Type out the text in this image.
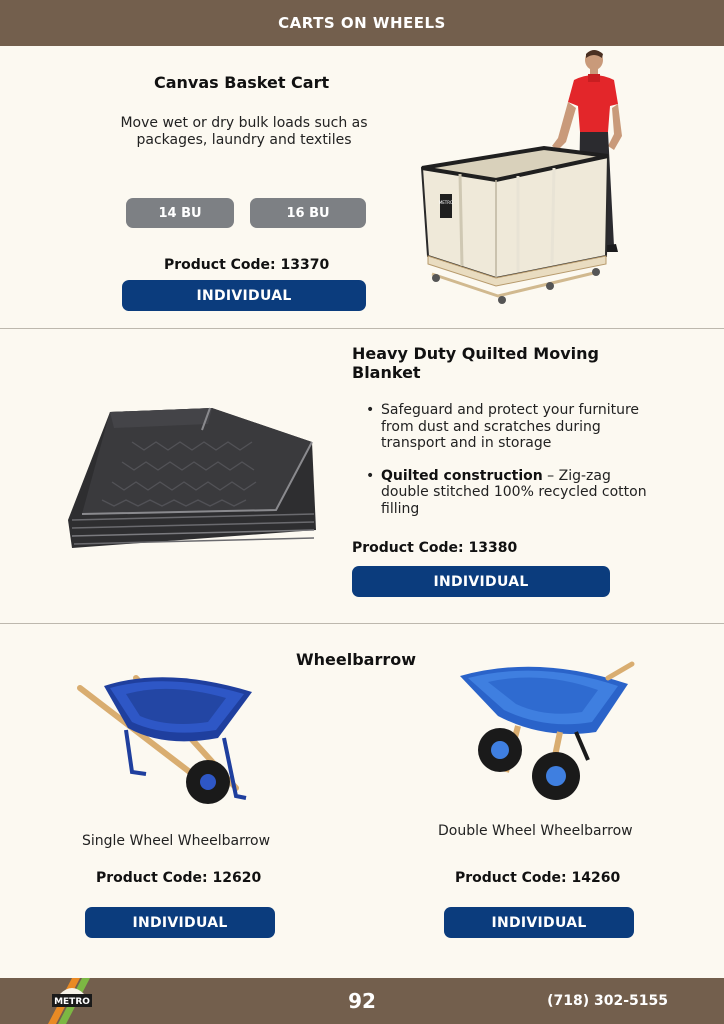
CARTS ON WHEELS
Canvas Basket Cart
Move wet or dry bulk loads such as packages, laundry and textiles
14 BU	16 BU
Product Code: 13370
INDIVIDUAL
METRO
Heavy Duty Quilted Moving Blanket
• Safeguard and protect your furniture from dust and scratches during transport and in storage
• Quilted construction – Zig-zag double stitched 100% recycled cotton filling
Product Code: 13380
INDIVIDUAL
Wheelbarrow
Single Wheel Wheelbarrow
Product Code: 12620
INDIVIDUAL
Double Wheel Wheelbarrow
Product Code: 14260
INDIVIDUAL
METRO	92	(718) 302-5155
